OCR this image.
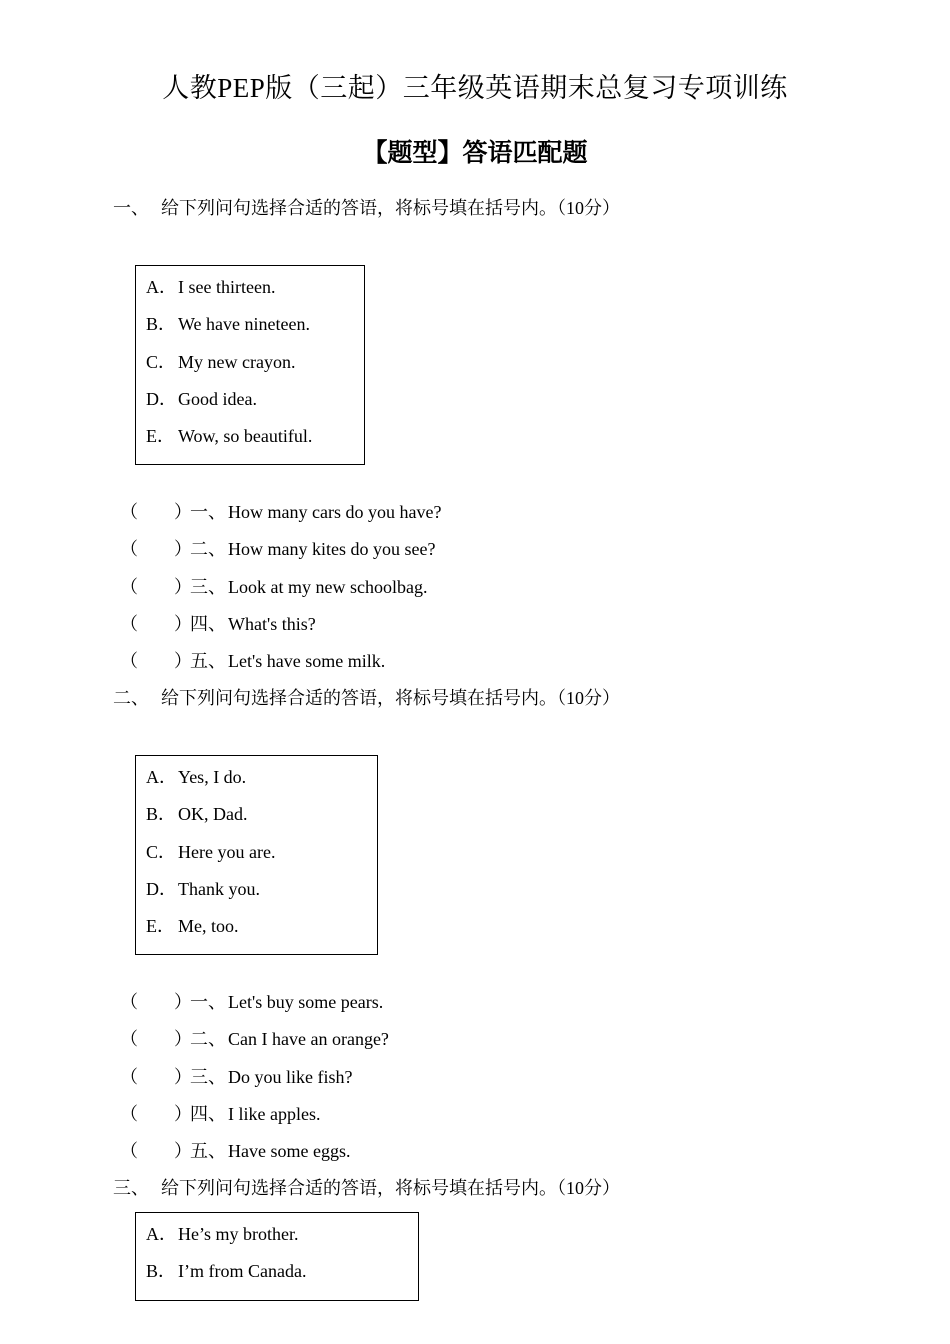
人教PEP版（三起）三年级英语期末总复习专项训练
【题型】答语匹配题
一、 给下列问句选择合适的答语，将标号填在括号内。（10分）
A．I see thirteen.
B． We have nineteen.
C． My new crayon.
D．Good idea.
E． Wow, so beautiful.
（　　）一、 How many cars do you have?
（　　）二、 How many kites do you see?
（　　）三、 Look at my new schoolbag.
（　　）四、 What's this?
（　　）五、 Let's have some milk.
二、 给下列问句选择合适的答语，将标号填在括号内。（10分）
A．Yes, I do.
B． OK, Dad.
C． Here you are.
D．Thank you.
E． Me, too.
（　　）一、 Let's buy some pears.
（　　）二、 Can I have an orange?
（　　）三、 Do you like fish?
（　　）四、 I like apples.
（　　）五、 Have some eggs.
三、 给下列问句选择合适的答语，将标号填在括号内。（10分）
A．He’s my brother.
B． I’m from Canada.
